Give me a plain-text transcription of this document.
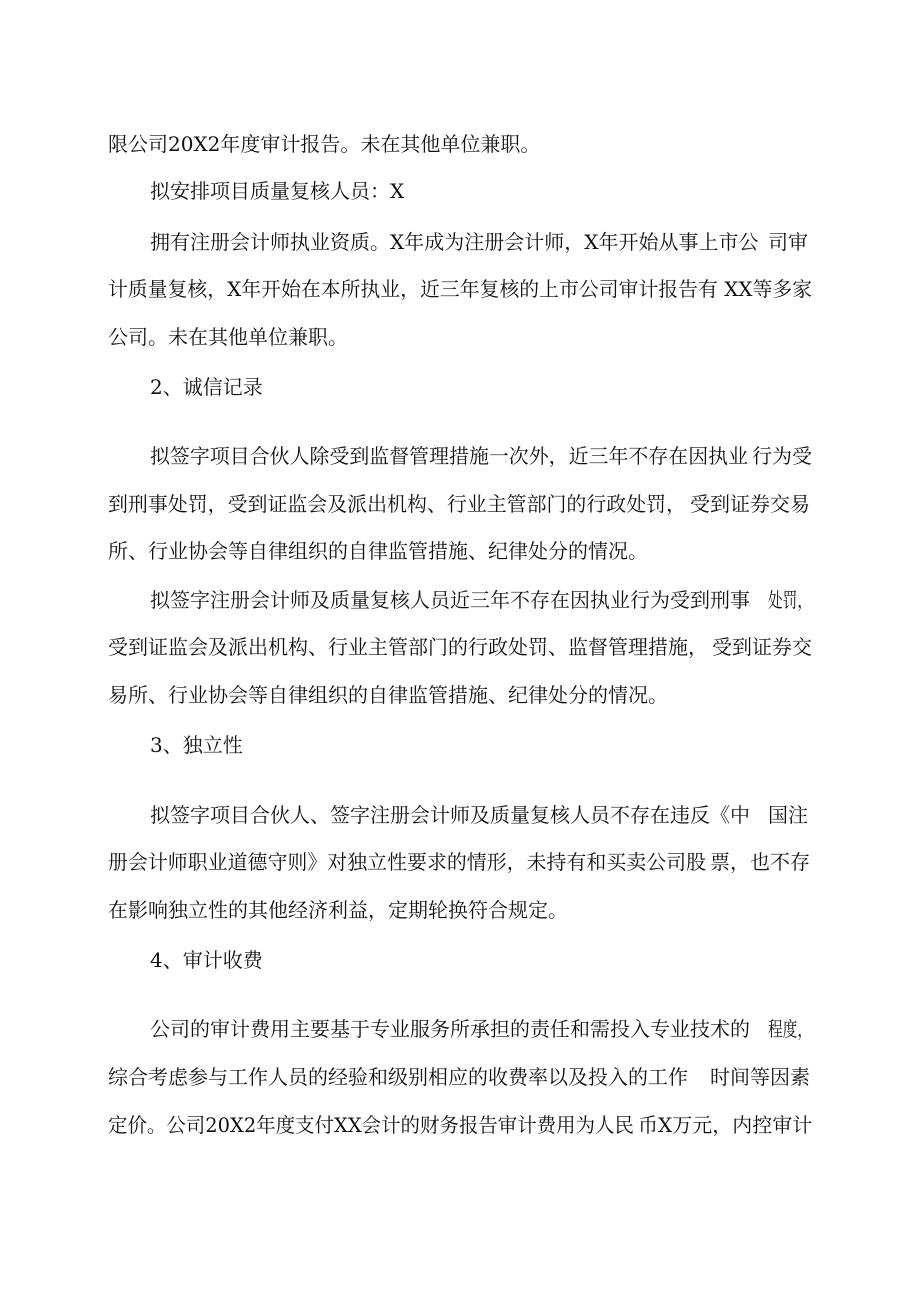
限公司20X2年度审计报告。未在其他单位兼职。
拟安排项目质量复核人员：X
拥有注册会计师执业资质。X年成为注册会计师，X年开始从事上市公 司审
计质量复核，X年开始在本所执业，近三年复核的上市公司审计报告有 XX等多家
公司。未在其他单位兼职。
2、诚信记录
拟签字项目合伙人除受到监督管理措施一次外，近三年不存在因执业 行为受
到刑事处罚，受到证监会及派出机构、行业主管部门的行政处罚， 受到证券交易
所、行业协会等自律组织的自律监管措施、纪律处分的情况。
拟签字注册会计师及质量复核人员近三年不存在因执业行为受到刑事 处罚，
受到证监会及派出机构、行业主管部门的行政处罚、监督管理措施， 受到证券交
易所、行业协会等自律组织的自律监管措施、纪律处分的情况。
3、独立性
拟签字项目合伙人、签字注册会计师及质量复核人员不存在违反《中 国注
册会计师职业道德守则》对独立性要求的情形，未持有和买卖公司股 票，也不存
在影响独立性的其他经济利益，定期轮换符合规定。
4、审计收费
公司的审计费用主要基于专业服务所承担的责任和需投入专业技术的 程度，
综合考虑参与工作人员的经验和级别相应的收费率以及投入的工作 时间等因素
定价。公司20X2年度支付XX会计的财务报告审计费用为人民 币X万元，内控审计
